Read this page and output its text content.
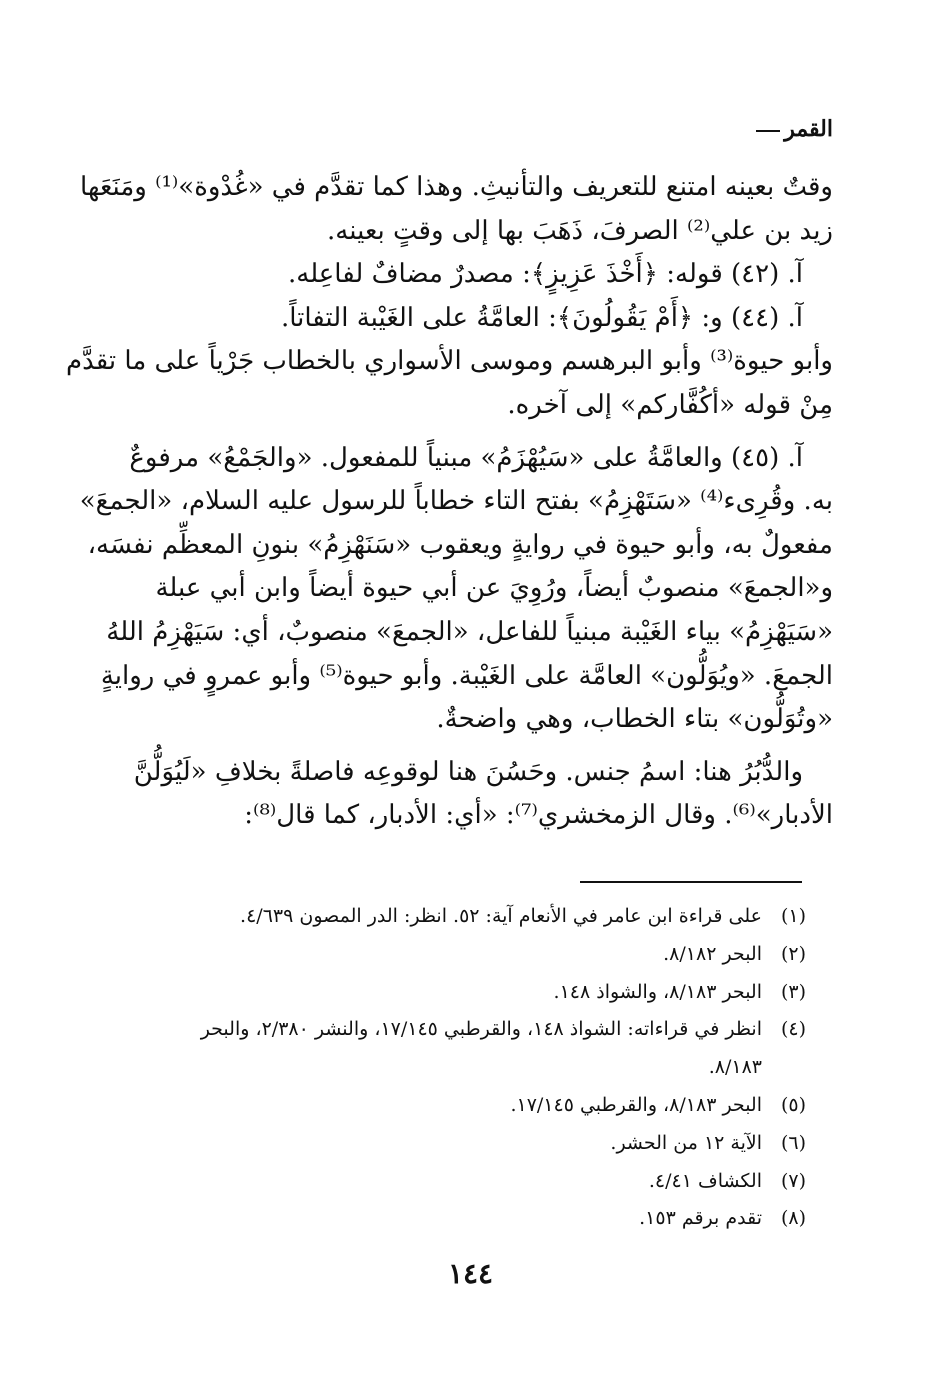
القمر
وقتٌ بعينه امتنع للتعريف والتأنيثِ. وهذا كما تقدَّم في «غُدْوة»⁽¹⁾ ومَنَعَها
زيد بن علي⁽²⁾ الصرفَ، ذَهَبَ بها إلى وقتٍ بعينه.
آ. (٤٢) قوله: ﴿أَخْذَ عَزِيزٍ﴾: مصدرٌ مضافٌ لفاعِله.
آ. (٤٤) و: ﴿أَمْ يَقُولُونَ﴾: العامَّةُ على الغَيْبة التفاتاً.
وأبو حيوة⁽³⁾ وأبو البرهسم وموسى الأسواري بالخطاب جَرْياً على ما تقدَّم
مِنْ قوله «أكُفَّاركم» إلى آخره.
آ. (٤٥) والعامَّةُ على «سَيُهْزَمُ» مبنياً للمفعول. «والجَمْعُ» مرفوعٌ
به. وقُرِىء⁽⁴⁾ «سَتَهْزِمُ» بفتح التاء خطاباً للرسول عليه السلام، «الجمعَ»
مفعولٌ به، وأبو حيوة في روايةٍ ويعقوب «سَنَهْزِمُ» بنونِ المعظِّم نفسَه،
و«الجمعَ» منصوبٌ أيضاً، ورُوِيَ عن أبي حيوة أيضاً وابن أبي عبلة
«سَيَهْزِمُ» بياء الغَيْبة مبنياً للفاعل، «الجمعَ» منصوبٌ، أي: سَيَهْزِمُ اللهُ
الجمعَ. «ويُوَلُّون» العامَّة على الغَيْبة. وأبو حيوة⁽⁵⁾ وأبو عمروٍ في روايةٍ
«وتُوَلُّون» بتاء الخطاب، وهي واضحةٌ.
والدُّبُرُ هنا: اسمُ جنس. وحَسُنَ هنا لوقوعِه فاصلةً بخلافِ «لَيُوَلُّنَّ
الأدبار»⁽⁶⁾. وقال الزمخشري⁽⁷⁾: «أي: الأدبار، كما قال⁽⁸⁾:
(١)
على قراءة ابن عامر في الأنعام آية: ٥٢. انظر: الدر المصون ٤/٦٣٩.
(٢)
البحر ٨/١٨٢.
(٣)
البحر ٨/١٨٣، والشواذ ١٤٨.
(٤)
انظر في قراءاته: الشواذ ١٤٨، والقرطبي ١٧/١٤٥، والنشر ٢/٣٨٠، والبحر
٨/١٨٣.
(٥)
البحر ٨/١٨٣، والقرطبي ١٧/١٤٥.
(٦)
الآية ١٢ من الحشر.
(٧)
الكشاف ٤/٤١.
(٨)
تقدم برقم ١٥٣.
١٤٤
